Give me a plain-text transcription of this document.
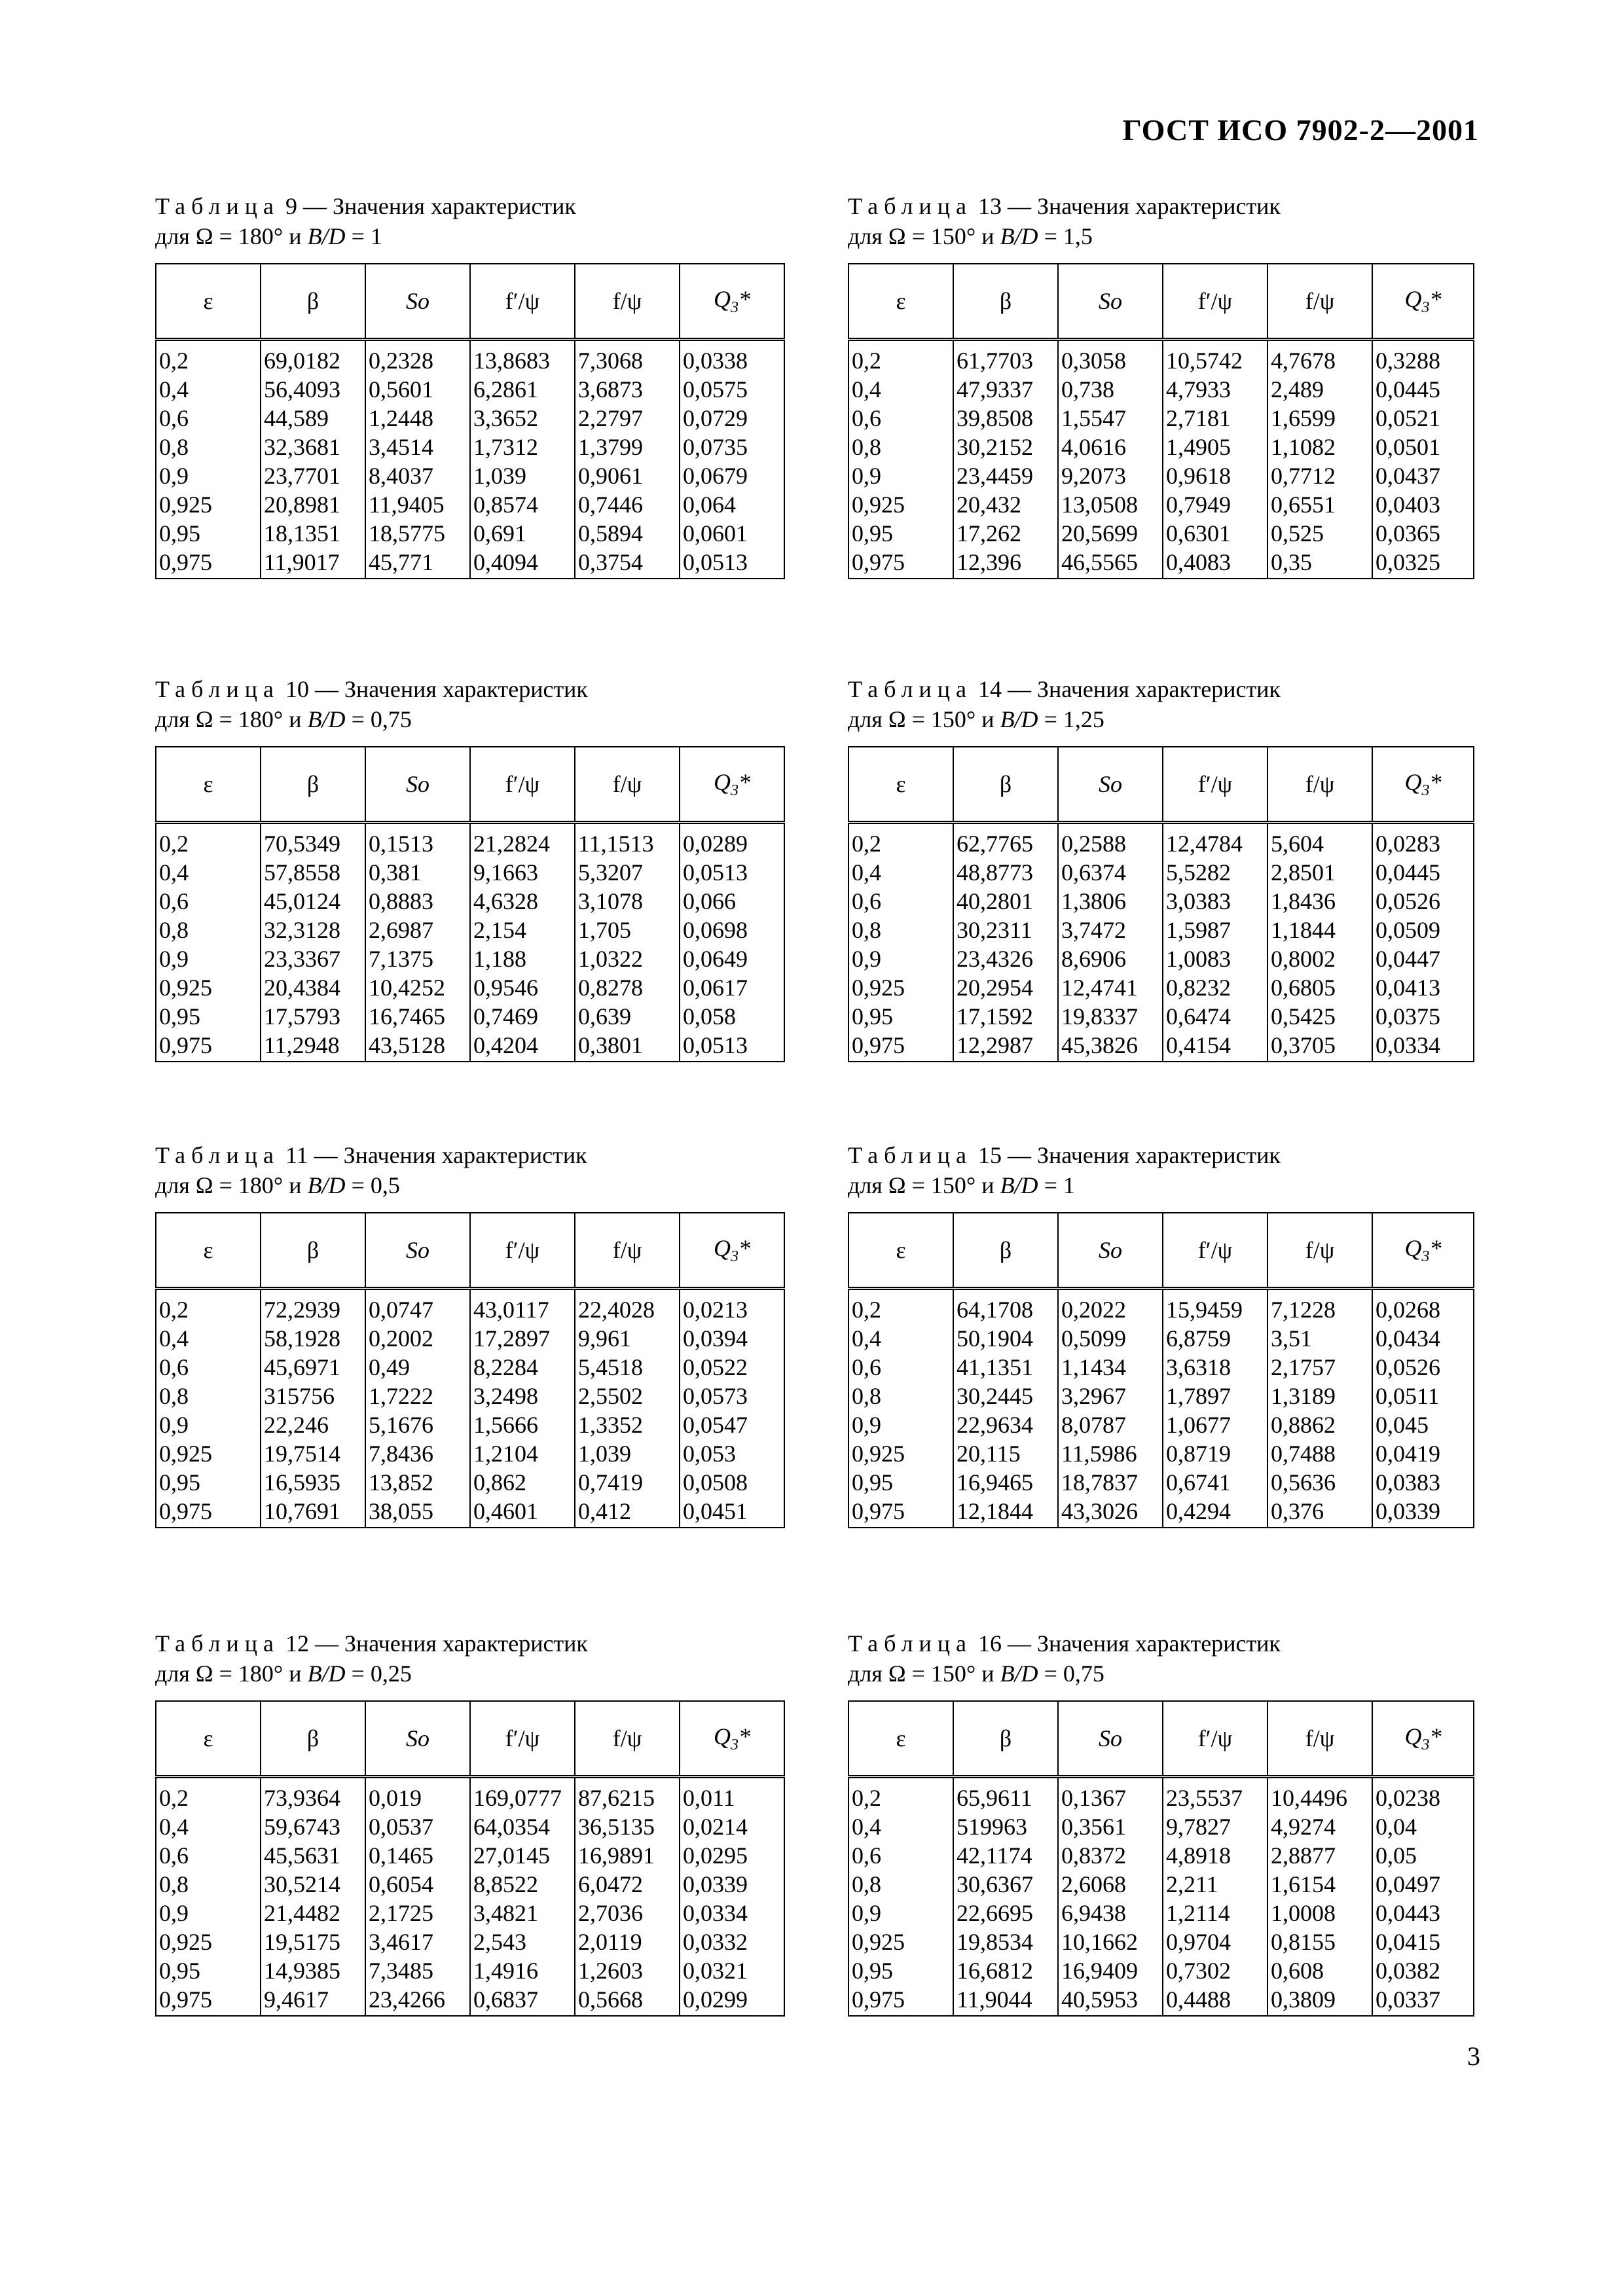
ГОСТ ИСО 7902-2—2001
Таблица 9 — Значения характеристик
для Ω = 180° и B/D = 1
ε	β	So	f′/ψ	f/ψ	$Q_3*$
0,2	69,0182	0,2328	13,8683	7,3068	0,0338
0,4	56,4093	0,5601	6,2861	3,6873	0,0575
0,6	44,589	1,2448	3,3652	2,2797	0,0729
0,8	32,3681	3,4514	1,7312	1,3799	0,0735
0,9	23,7701	8,4037	1,039	0,9061	0,0679
0,925	20,8981	11,9405	0,8574	0,7446	0,064
0,95	18,1351	18,5775	0,691	0,5894	0,0601
0,975	11,9017	45,771	0,4094	0,3754	0,0513
Таблица 13 — Значения характеристик
для Ω = 150° и B/D = 1,5
ε	β	So	f′/ψ	f/ψ	$Q_3*$
0,2	61,7703	0,3058	10,5742	4,7678	0,3288
0,4	47,9337	0,738	4,7933	2,489	0,0445
0,6	39,8508	1,5547	2,7181	1,6599	0,0521
0,8	30,2152	4,0616	1,4905	1,1082	0,0501
0,9	23,4459	9,2073	0,9618	0,7712	0,0437
0,925	20,432	13,0508	0,7949	0,6551	0,0403
0,95	17,262	20,5699	0,6301	0,525	0,0365
0,975	12,396	46,5565	0,4083	0,35	0,0325
Таблица 10 — Значения характеристик
для Ω = 180° и B/D = 0,75
ε	β	So	f′/ψ	f/ψ	$Q_3*$
0,2	70,5349	0,1513	21,2824	11,1513	0,0289
0,4	57,8558	0,381	9,1663	5,3207	0,0513
0,6	45,0124	0,8883	4,6328	3,1078	0,066
0,8	32,3128	2,6987	2,154	1,705	0,0698
0,9	23,3367	7,1375	1,188	1,0322	0,0649
0,925	20,4384	10,4252	0,9546	0,8278	0,0617
0,95	17,5793	16,7465	0,7469	0,639	0,058
0,975	11,2948	43,5128	0,4204	0,3801	0,0513
Таблица 14 — Значения характеристик
для Ω = 150° и B/D = 1,25
ε	β	So	f′/ψ	f/ψ	$Q_3*$
0,2	62,7765	0,2588	12,4784	5,604	0,0283
0,4	48,8773	0,6374	5,5282	2,8501	0,0445
0,6	40,2801	1,3806	3,0383	1,8436	0,0526
0,8	30,2311	3,7472	1,5987	1,1844	0,0509
0,9	23,4326	8,6906	1,0083	0,8002	0,0447
0,925	20,2954	12,4741	0,8232	0,6805	0,0413
0,95	17,1592	19,8337	0,6474	0,5425	0,0375
0,975	12,2987	45,3826	0,4154	0,3705	0,0334
Таблица 11 — Значения характеристик
для Ω = 180° и B/D = 0,5
ε	β	So	f′/ψ	f/ψ	$Q_3*$
0,2	72,2939	0,0747	43,0117	22,4028	0,0213
0,4	58,1928	0,2002	17,2897	9,961	0,0394
0,6	45,6971	0,49	8,2284	5,4518	0,0522
0,8	315756	1,7222	3,2498	2,5502	0,0573
0,9	22,246	5,1676	1,5666	1,3352	0,0547
0,925	19,7514	7,8436	1,2104	1,039	0,053
0,95	16,5935	13,852	0,862	0,7419	0,0508
0,975	10,7691	38,055	0,4601	0,412	0,0451
Таблица 15 — Значения характеристик
для Ω = 150° и B/D = 1
ε	β	So	f′/ψ	f/ψ	$Q_3*$
0,2	64,1708	0,2022	15,9459	7,1228	0,0268
0,4	50,1904	0,5099	6,8759	3,51	0,0434
0,6	41,1351	1,1434	3,6318	2,1757	0,0526
0,8	30,2445	3,2967	1,7897	1,3189	0,0511
0,9	22,9634	8,0787	1,0677	0,8862	0,045
0,925	20,115	11,5986	0,8719	0,7488	0,0419
0,95	16,9465	18,7837	0,6741	0,5636	0,0383
0,975	12,1844	43,3026	0,4294	0,376	0,0339
Таблица 12 — Значения характеристик
для Ω = 180° и B/D = 0,25
ε	β	So	f′/ψ	f/ψ	$Q_3*$
0,2	73,9364	0,019	169,0777	87,6215	0,011
0,4	59,6743	0,0537	64,0354	36,5135	0,0214
0,6	45,5631	0,1465	27,0145	16,9891	0,0295
0,8	30,5214	0,6054	8,8522	6,0472	0,0339
0,9	21,4482	2,1725	3,4821	2,7036	0,0334
0,925	19,5175	3,4617	2,543	2,0119	0,0332
0,95	14,9385	7,3485	1,4916	1,2603	0,0321
0,975	9,4617	23,4266	0,6837	0,5668	0,0299
Таблица 16 — Значения характеристик
для Ω = 150° и B/D = 0,75
ε	β	So	f′/ψ	f/ψ	$Q_3*$
0,2	65,9611	0,1367	23,5537	10,4496	0,0238
0,4	519963	0,3561	9,7827	4,9274	0,04
0,6	42,1174	0,8372	4,8918	2,8877	0,05
0,8	30,6367	2,6068	2,211	1,6154	0,0497
0,9	22,6695	6,9438	1,2114	1,0008	0,0443
0,925	19,8534	10,1662	0,9704	0,8155	0,0415
0,95	16,6812	16,9409	0,7302	0,608	0,0382
0,975	11,9044	40,5953	0,4488	0,3809	0,0337
3
